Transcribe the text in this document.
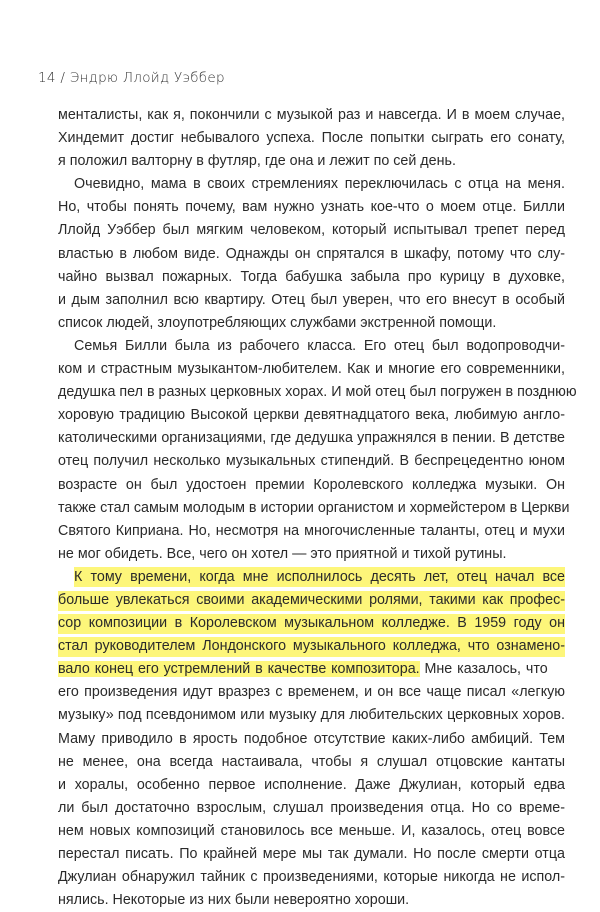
14 / Эндрю Ллойд Уэббер
менталисты, как я, покончили с музыкой раз и навсегда. И в моем случае,
Хиндемит достиг небывалого успеха. После попытки сыграть его сонату,
я положил валторну в футляр, где она и лежит по сей день.
Очевидно, мама в своих стремлениях переключилась с отца на меня.
Но, чтобы понять почему, вам нужно узнать кое-что о моем отце. Билли
Ллойд Уэббер был мягким человеком, который испытывал трепет перед
властью в любом виде. Однажды он спрятался в шкафу, потому что слу-
чайно вызвал пожарных. Тогда бабушка забыла про курицу в духовке,
и дым заполнил всю квартиру. Отец был уверен, что его внесут в особый
список людей, злоупотребляющих службами экстренной помощи.
Семья Билли была из рабочего класса. Его отец был водопроводчи-
ком и страстным музыкантом-любителем. Как и многие его современники,
дедушка пел в разных церковных хорах. И мой отец был погружен в позднюю
хоровую традицию Высокой церкви девятнадцатого века, любимую англо-
католическими организациями, где дедушка упражнялся в пении. В детстве
отец получил несколько музыкальных стипендий. В беспрецедентно юном
возрасте он был удостоен премии Королевского колледжа музыки. Он
также стал самым молодым в истории органистом и хормейстером в Церкви
Святого Киприана. Но, несмотря на многочисленные таланты, отец и мухи
не мог обидеть. Все, чего он хотел — это приятной и тихой рутины.
К тому времени, когда мне исполнилось десять лет, отец начал все
больше увлекаться своими академическими ролями, такими как профес-
сор композиции в Королевском музыкальном колледже. В 1959 году он
стал руководителем Лондонского музыкального колледжа, что ознамено-
вало конец его устремлений в качестве композитора. Мне казалось, что
его произведения идут вразрез с временем, и он все чаще писал «легкую
музыку» под псевдонимом или музыку для любительских церковных хоров.
Маму приводило в ярость подобное отсутствие каких-либо амбиций. Тем
не менее, она всегда настаивала, чтобы я слушал отцовские кантаты
и хоралы, особенно первое исполнение. Даже Джулиан, который едва
ли был достаточно взрослым, слушал произведения отца. Но со време-
нем новых композиций становилось все меньше. И, казалось, отец вовсе
перестал писать. По крайней мере мы так думали. Но после смерти отца
Джулиан обнаружил тайник с произведениями, которые никогда не испол-
нялись. Некоторые из них были невероятно хороши.
